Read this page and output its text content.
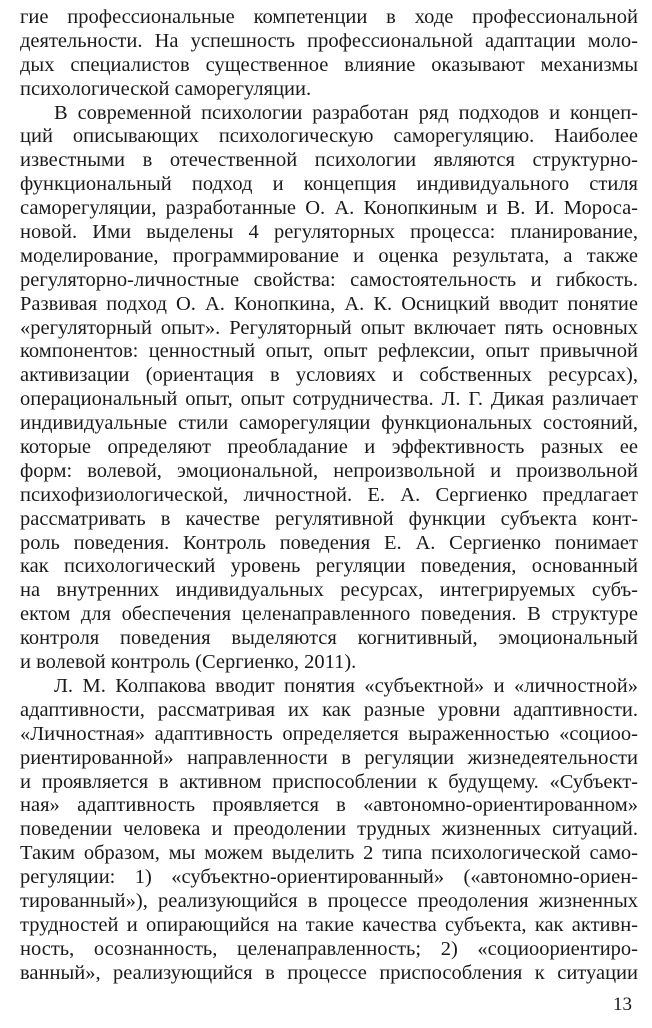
гие профессиональные компетенции в ходе профессиональной
деятельности. На успешность профессиональной адаптации моло-
дых специалистов существенное влияние оказывают механизмы
психологической саморегуляции.
В современной психологии разработан ряд подходов и концеп-
ций описывающих психологическую саморегуляцию. Наиболее
известными в отечественной психологии являются структурно-
функциональный подход и концепция индивидуального стиля
саморегуляции, разработанные О. А. Конопкиным и В. И. Мороса-
новой. Ими выделены 4 регуляторных процесса: планирование,
моделирование, программирование и оценка результата, а также
регуляторно-личностные свойства: самостоятельность и гибкость.
Развивая подход О. А. Конопкина, А. К. Осницкий вводит понятие
«регуляторный опыт». Регуляторный опыт включает пять основных
компонентов: ценностный опыт, опыт рефлексии, опыт привычной
активизации (ориентация в условиях и собственных ресурсах),
операциональный опыт, опыт сотрудничества. Л. Г. Дикая различает
индивидуальные стили саморегуляции функциональных состояний,
которые определяют преобладание и эффективность разных ее
форм: волевой, эмоциональной, непроизвольной и произвольной
психофизиологической, личностной. Е. А. Сергиенко предлагает
рассматривать в качестве регулятивной функции субъекта конт-
роль поведения. Контроль поведения Е. А. Сергиенко понимает
как психологический уровень регуляции поведения, основанный
на внутренних индивидуальных ресурсах, интегрируемых субъ-
ектом для обеспечения целенаправленного поведения. В структуре
контроля поведения выделяются когнитивный, эмоциональный
и волевой контроль (Сергиенко, 2011).
Л. М. Колпакова вводит понятия «субъектной» и «личностной»
адаптивности, рассматривая их как разные уровни адаптивности.
«Личностная» адаптивность определяется выраженностью «социоо-
риентированной» направленности в регуляции жизнедеятельности
и проявляется в активном приспособлении к будущему. «Субъект-
ная» адаптивность проявляется в «автономно-ориентированном»
поведении человека и преодолении трудных жизненных ситуаций.
Таким образом, мы можем выделить 2 типа психологической само-
регуляции: 1) «субъектно-ориентированный» («автономно-ориен-
тированный»), реализующийся в процессе преодоления жизненных
трудностей и опирающийся на такие качества субъекта, как активн-
ность, осознанность, целенаправленность; 2) «социоориентиро-
ванный», реализующийся в процессе приспособления к ситуации
13
